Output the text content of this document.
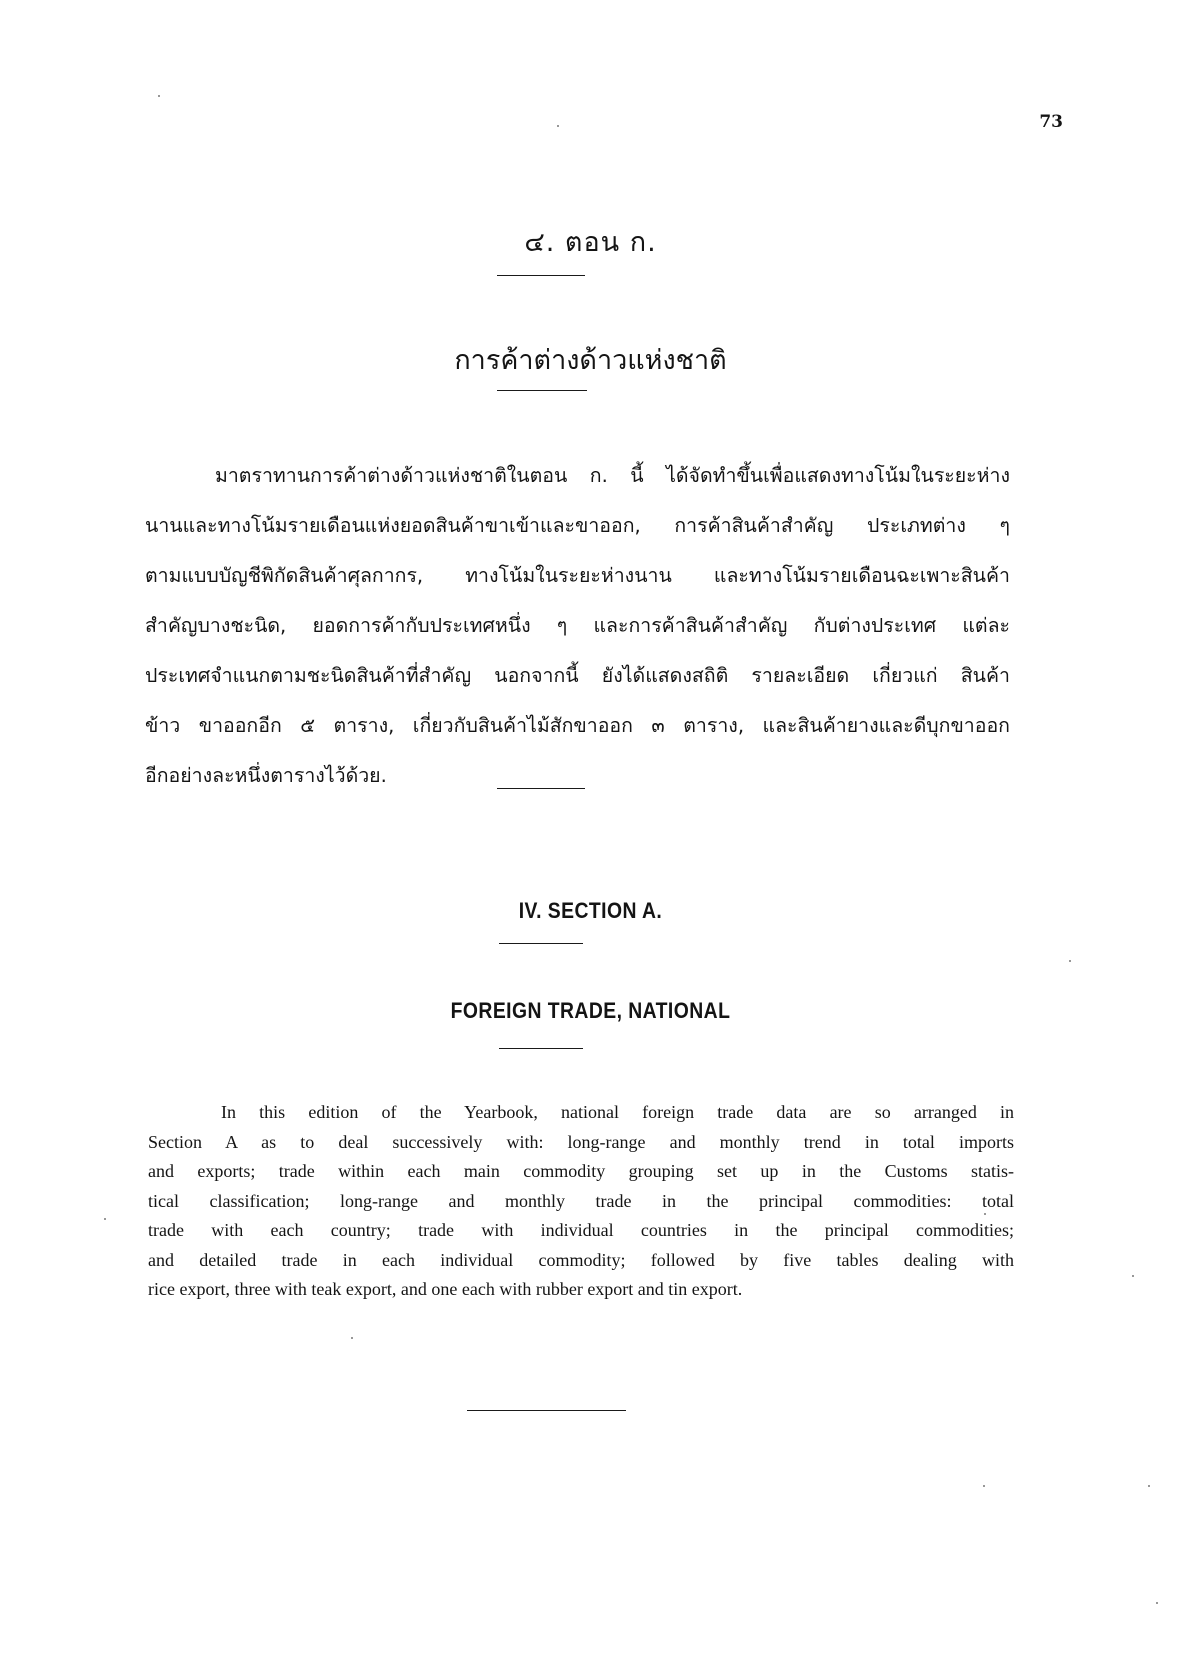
73
๔. ตอน ก.
การค้าต่างด้าวแห่งชาติ
มาตราทานการค้าต่างด้าวแห่งชาติในตอน ก. นี้ ได้จัดทำขึ้นเพื่อแสดงทางโน้มในระยะห่าง
นานและทางโน้มรายเดือนแห่งยอดสินค้าขาเข้าและขาออก, การค้าสินค้าสำคัญ ประเภทต่าง ๆ
ตามแบบบัญชีพิกัดสินค้าศุลกากร, ทางโน้มในระยะห่างนาน และทางโน้มรายเดือนฉะเพาะสินค้า
สำคัญบางชะนิด, ยอดการค้ากับประเทศหนึ่ง ๆ และการค้าสินค้าสำคัญ กับต่างประเทศ แต่ละ
ประเทศจำแนกตามชะนิดสินค้าที่สำคัญ นอกจากนี้ ยังได้แสดงสถิติ รายละเอียด เกี่ยวแก่ สินค้า
ข้าว ขาออกอีก ๕ ตาราง, เกี่ยวกับสินค้าไม้สักขาออก ๓ ตาราง, และสินค้ายางและดีบุกขาออก
อีกอย่างละหนึ่งตารางไว้ด้วย.
IV. SECTION A.
FOREIGN TRADE, NATIONAL
In this edition of the Yearbook, national foreign trade data are so arranged in
Section A as to deal successively with: long-range and monthly trend in total imports
and exports; trade within each main commodity grouping set up in the Customs statis-
tical classification; long-range and monthly trade in the principal commodities: total
trade with each country; trade with individual countries in the principal commodities;
and detailed trade in each individual commodity; followed by five tables dealing with
rice export, three with teak export, and one each with rubber export and tin export.
